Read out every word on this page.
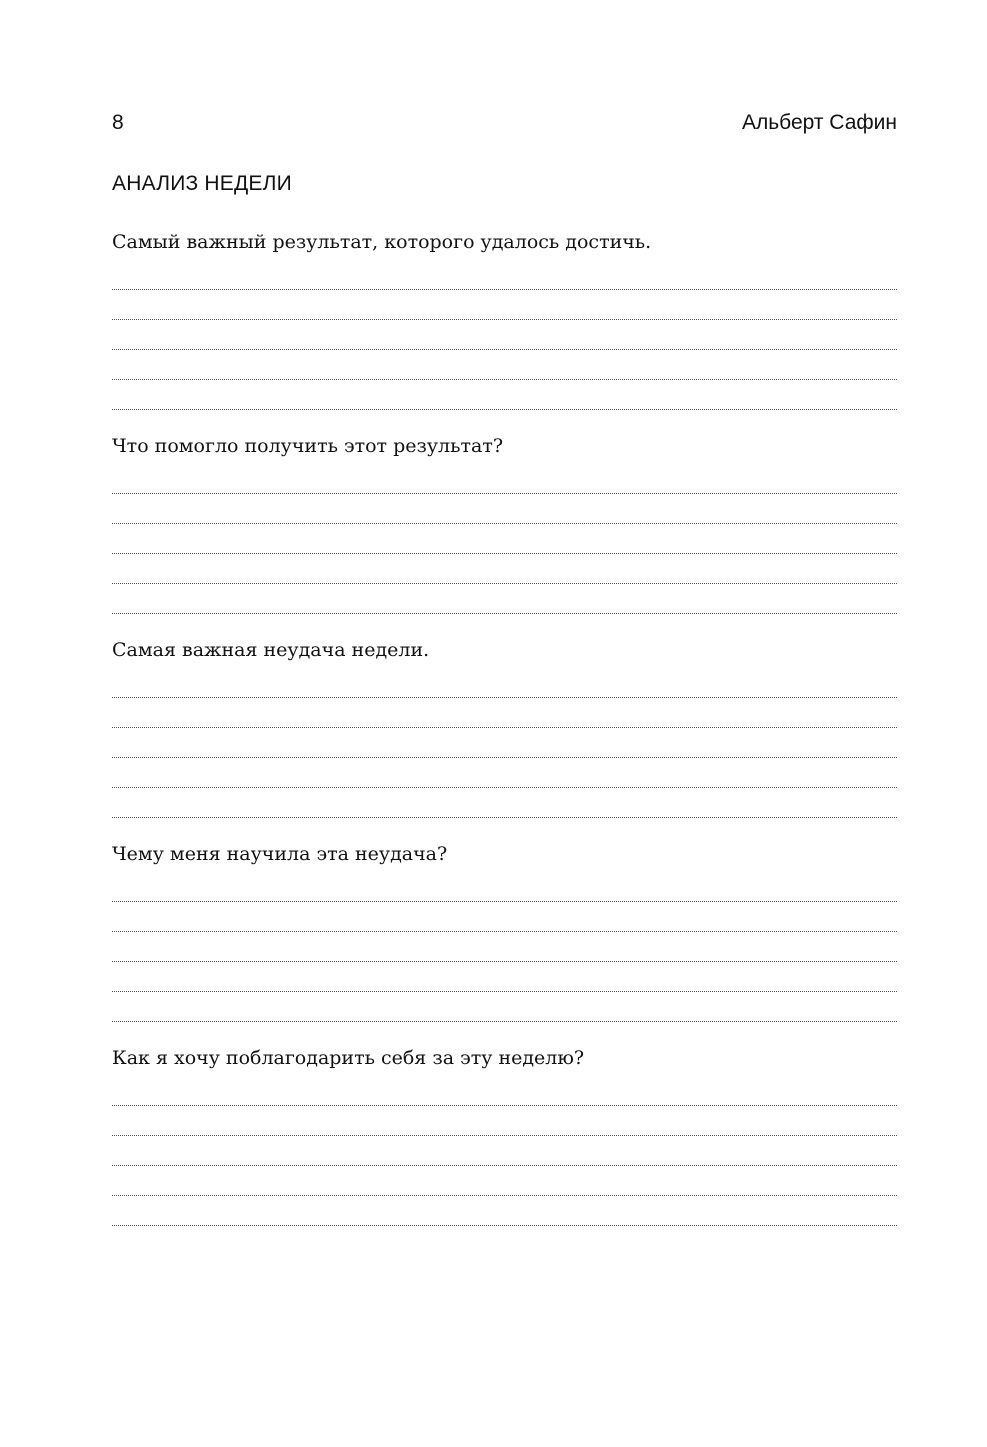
8	Альберт Сафин
АНАЛИЗ НЕДЕЛИ

Самый важный результат, которого удалось достичь.

Что помогло получить этот результат?

Самая важная неудача недели.

Чему меня научила эта неудача?

Как я хочу поблагодарить себя за эту неделю?
